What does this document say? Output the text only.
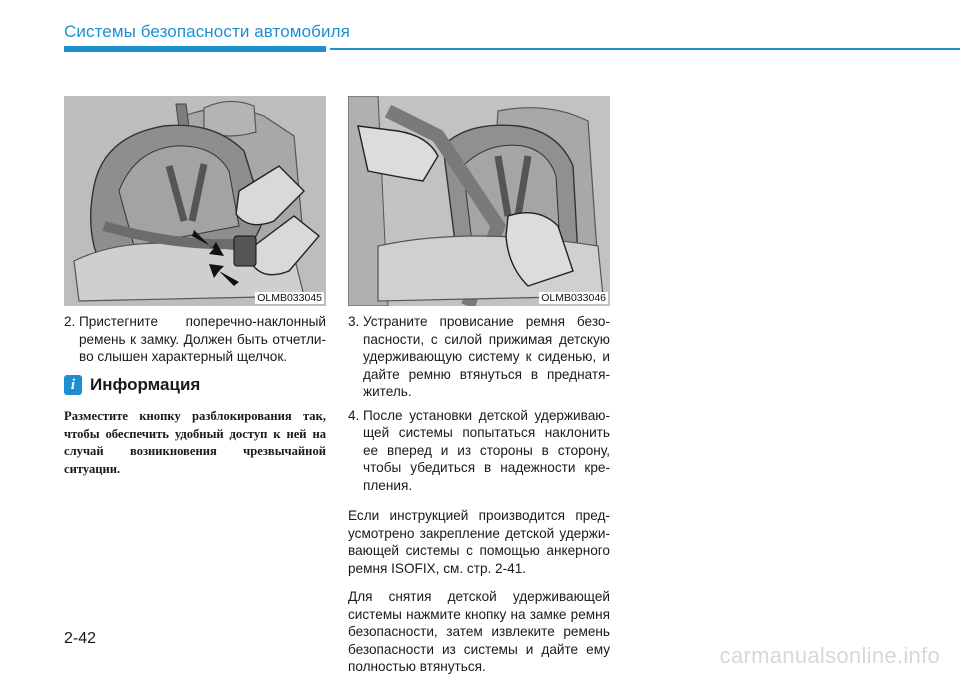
Системы безопасности автомобиля
OLMB033045	OLMB033046
2. Пристегните поперечно-наклонный ремень к замку. Должен быть отчетли-во слышен характерный щелчок.
i Информация
Разместите кнопку разблокирования так, чтобы обеспечить удобный доступ к ней на случай возникновения чрезвычайной ситуации.
3. Устраните провисание ремня безо-пасности, с силой прижимая детскую удерживающую систему к сиденью, и дайте ремню втянуться в преднатя-житель.
4. После установки детской удерживаю-щей системы попытаться наклонить ее вперед и из стороны в сторону, чтобы убедиться в надежности кре-пления.

Если инструкцией производится пред-усмотрено закрепление детской удержи-вающей системы с помощью анкерного ремня ISOFIX, см. стр. 2-41.

Для снятия детской удерживающей системы нажмите кнопку на замке ремня безопасности, затем извлеките ремень безопасности из системы и дайте ему полностью втянуться.

2-42
carmanualsonline.info
